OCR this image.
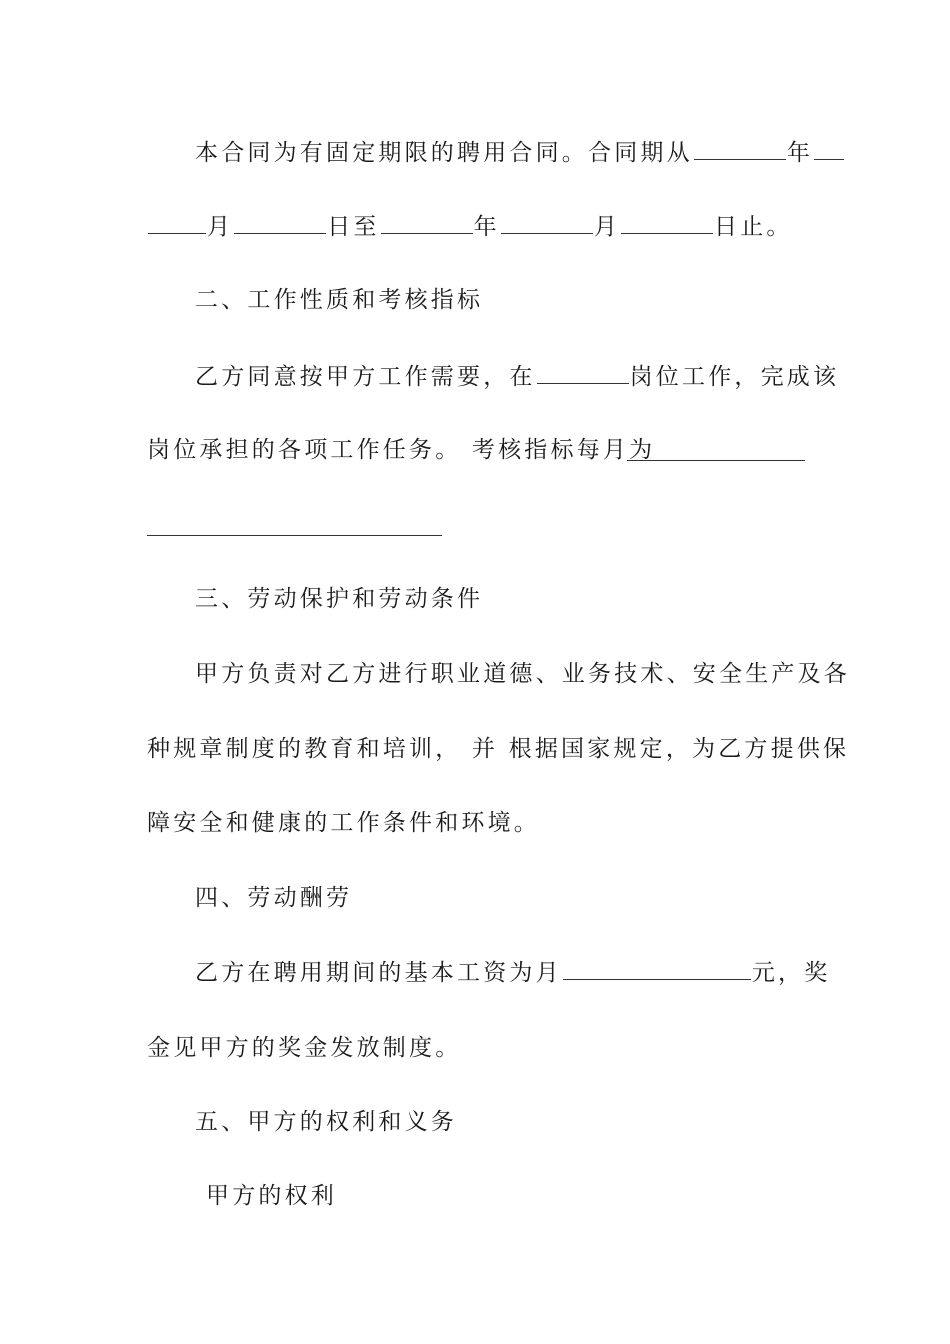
本合同为有固定期限的聘用合同。合同期从	年
月	日至	年	月	日止。
二、工作性质和考核指标
乙方同意按甲方工作需要，在	岗位工作，完成该
岗位承担的各项工作任务。 考核指标每月为
三、劳动保护和劳动条件
甲方负责对乙方进行职业道德、业务技术、安全生产及各
种规章制度的教育和培训， 并 根据国家规定，为乙方提供保
障安全和健康的工作条件和环境。
四、劳动酬劳
乙方在聘用期间的基本工资为月	元，奖
金见甲方的奖金发放制度。
五、甲方的权利和义务
甲方的权利
